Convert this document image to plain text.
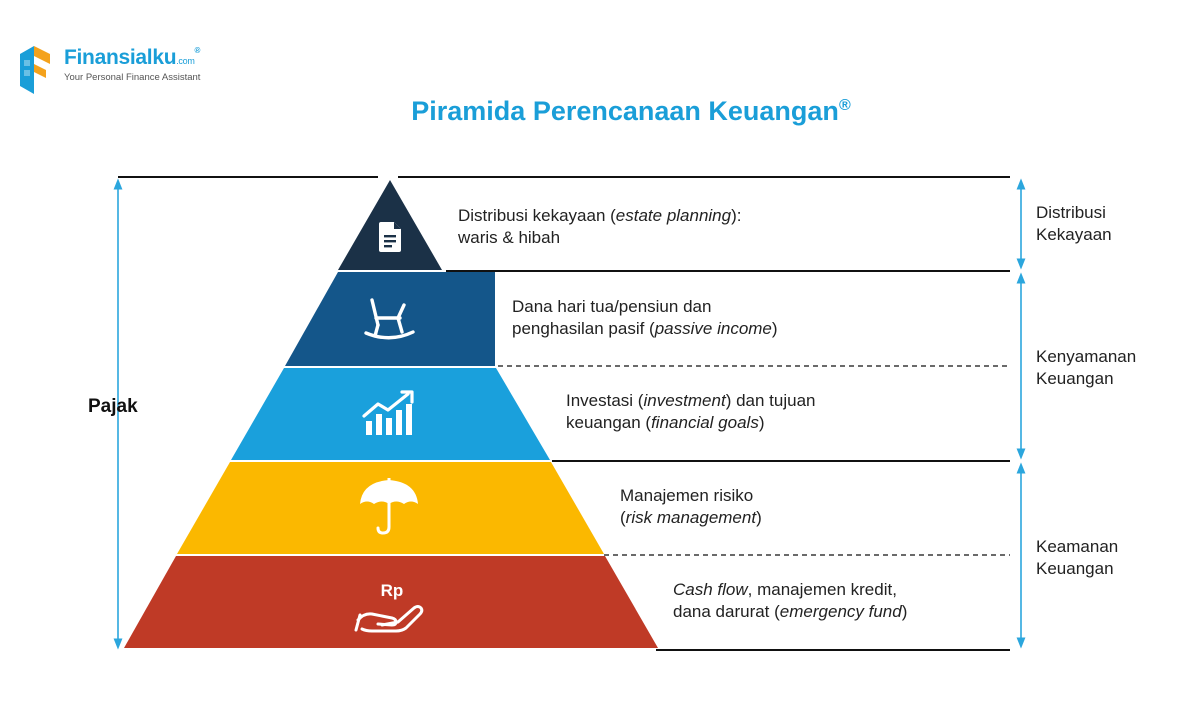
Finansialku.com®
Your Personal Finance Assistant
Piramida Perencanaan Keuangan®
Rp
Distribusi kekayaan (estate planning):
waris & hibah
Dana hari tua/pensiun dan
penghasilan pasif (passive income)
Investasi (investment) dan tujuan
keuangan (financial goals)
Manajemen risiko
(risk management)
Cash flow, manajemen kredit,
dana darurat (emergency fund)
Pajak
Distribusi
Kekayaan
Kenyamanan
Keuangan
Keamanan
Keuangan
